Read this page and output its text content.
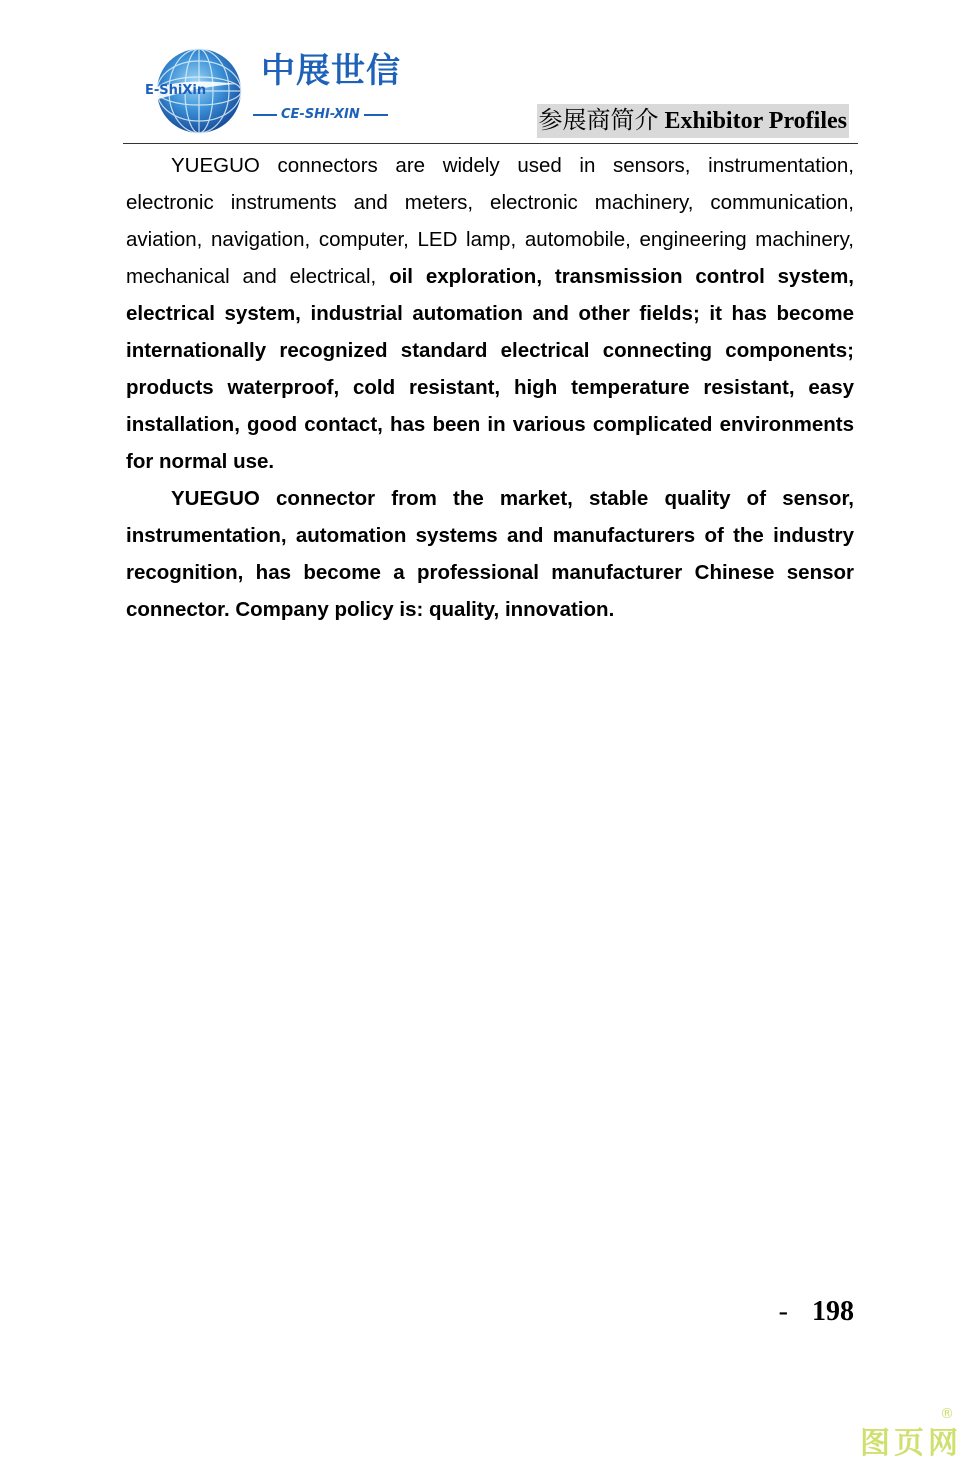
E-ShiXin 中展世信
CE-SHI-XIN	参展商简介 Exhibitor Profiles

YUEGUO connectors are widely used in sensors, instrumentation, electronic instruments and meters, electronic machinery, communication, aviation, navigation, computer, LED lamp, automobile, engineering machinery, mechanical and electrical, oil exploration, transmission control system, electrical system, industrial automation and other fields; it has become internationally recognized standard electrical connecting components; products waterproof, cold resistant, high temperature resistant, easy installation, good contact, has been in various complicated environments for normal use.

YUEGUO connector from the market, stable quality of sensor, instrumentation, automation systems and manufacturers of the industry recognition, has become a professional manufacturer Chinese sensor connector. Company policy is: quality, innovation.

- 198
图页网
®
